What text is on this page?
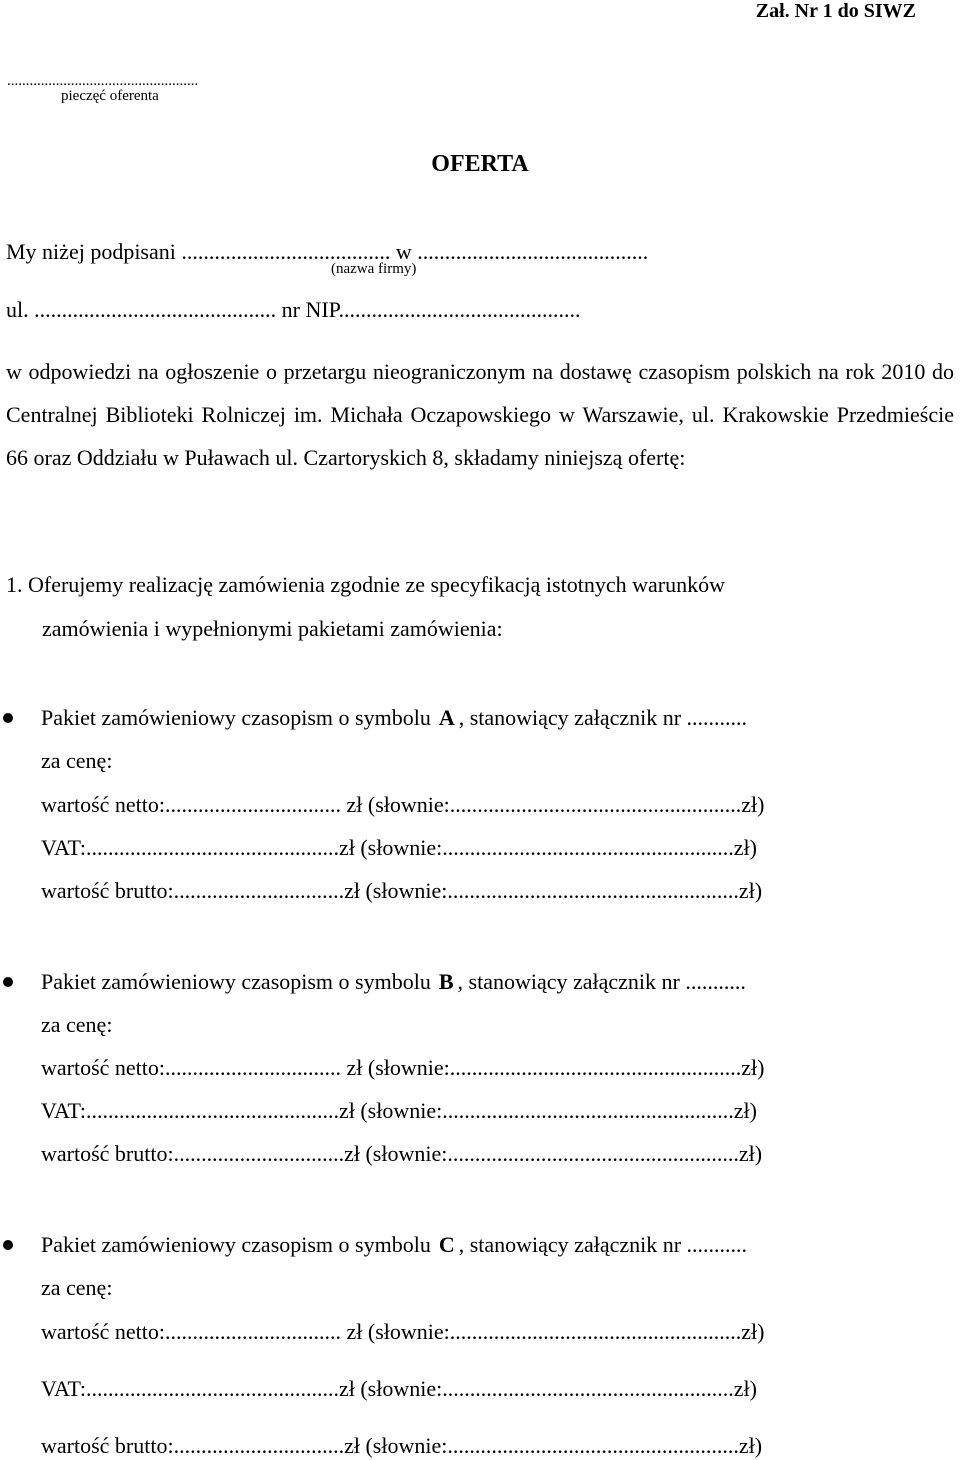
Zał. Nr 1 do SIWZ
...................................................
pieczęć oferenta
OFERTA
My niżej podpisani ...................................... w ..........................................
(nazwa firmy)
ul. ............................................ nr NIP............................................
w odpowiedzi na ogłoszenie o przetargu nieograniczonym na dostawę czasopism polskich na rok 2010 do Centralnej Biblioteki Rolniczej im. Michała Oczapowskiego w Warszawie, ul. Krakowskie Przedmieście 66 oraz Oddziału w Puławach ul. Czartoryskich 8, składamy niniejszą ofertę:
1. Oferujemy realizację zamówienia zgodnie ze specyfikacją istotnych warunków
zamówienia i wypełnionymi pakietami zamówienia:
Pakiet zamówieniowy czasopism o symbolu A , stanowiący załącznik nr ...........
za cenę:
wartość netto:................................ zł (słownie:.....................................................zł)
VAT:..............................................zł (słownie:.....................................................zł)
wartość brutto:...............................zł (słownie:.....................................................zł)
Pakiet zamówieniowy czasopism o symbolu B , stanowiący załącznik nr ...........
za cenę:
wartość netto:................................ zł (słownie:.....................................................zł)
VAT:..............................................zł (słownie:.....................................................zł)
wartość brutto:...............................zł (słownie:.....................................................zł)
Pakiet zamówieniowy czasopism o symbolu C , stanowiący załącznik nr ...........
za cenę:
wartość netto:................................ zł (słownie:.....................................................zł)
VAT:..............................................zł (słownie:.....................................................zł)
wartość brutto:...............................zł (słownie:.....................................................zł)
